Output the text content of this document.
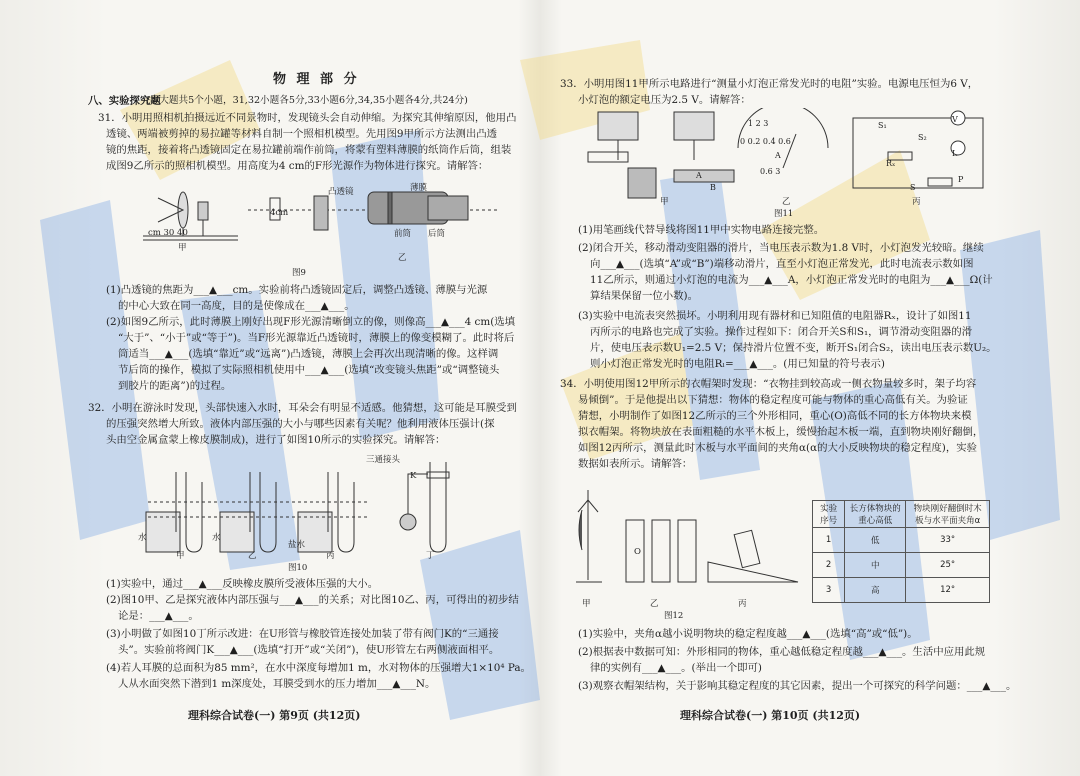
物 理 部 分
八、实验探究题
(本大题共5个小题，31,32小题各5分,33小题6分,34,35小题各4分,共24分)
31．小明用照相机拍摄远近不同景物时，发现镜头会自动伸缩。为探究其伸缩原因，他用凸
透镜、两端被剪掉的易拉罐等材料自制一个照相机模型。先用图9甲所示方法测出凸透
镜的焦距，接着将凸透镜固定在易拉罐前端作前筒，将蒙有塑料薄膜的纸筒作后筒，组装
成图9乙所示的照相机模型。用高度为4 cm的F形光源作为物体进行探究。请解答：
cm 30 40
甲
4cm
凸透镜	薄膜
前筒 后筒
乙
图9
(1)凸透镜的焦距为___▲___cm。实验前将凸透镜固定后，调整凸透镜、薄膜与光源
的中心大致在同一高度，目的是使像成在___▲___。
(2)如图9乙所示，此时薄膜上刚好出现F形光源清晰倒立的像，则像高___▲___4 cm(选填
“大于”、“小于”或“等于”)。当F形光源靠近凸透镜时，薄膜上的像变模糊了。此时将后
筒适当___▲___(选填“靠近”或“远离”)凸透镜，薄膜上会再次出现清晰的像。这样调
节后筒的操作，模拟了实际照相机使用中___▲___(选填“改变镜头焦距”或“调整镜头
到胶片的距离”)的过程。
32．小明在游泳时发现，头部快速入水时，耳朵会有明显不适感。他猜想，这可能是耳膜受到
的压强突然增大所致。液体内部压强的大小与哪些因素有关呢？他利用液体压强计(探
头由空金属盒蒙上橡皮膜制成)，进行了如图10所示的实验探究。请解答：
三通接头
K
水	水
盐水
甲	乙	丙	丁
图10
(1)实验中，通过___▲___反映橡皮膜所受液体压强的大小。
(2)图10甲、乙是探究液体内部压强与___▲___的关系；对比图10乙、丙，可得出的初步结
论是：___▲___。
(3)小明做了如图10丁所示改进：在U形管与橡胶管连接处加装了带有阀门K的“三通接
头”。实验前将阀门K___▲___(选填“打开”或“关闭”)，使U形管左右两侧液面相平。
(4)若人耳膜的总面积为85 mm²，在水中深度每增加1 m，水对物体的压强增大1×10⁴ Pa。
人从水面突然下潜到1 m深度处，耳膜受到水的压力增加___▲___N。
理科综合试卷(一) 第9页 (共12页)
33．小明用图11甲所示电路进行“测量小灯泡正常发光时的电阻”实验。电源电压恒为6 V，
小灯泡的额定电压为2.5 V。请解答：
1 2 3
0 0.2 0.4 0.6
A
0.6 3
S₁
S₂
Rₓ
V
L
S
P
A
B
甲	乙	丙
图11
(1)用笔画线代替导线将图11甲中实物电路连接完整。
(2)闭合开关，移动滑动变阻器的滑片，当电压表示数为1.8 V时，小灯泡发光较暗。继续
向___▲___(选填“A”或“B”)端移动滑片，直至小灯泡正常发光，此时电流表示数如图
11乙所示，则通过小灯泡的电流为___▲___A，小灯泡正常发光时的电阻为___▲___Ω(计
算结果保留一位小数)。
(3)实验中电流表突然损坏。小明利用现有器材和已知阻值的电阻器Rₓ，设计了如图11
丙所示的电路也完成了实验。操作过程如下：闭合开关S和S₁，调节滑动变阻器的滑
片，使电压表示数U₁=2.5 V；保持滑片位置不变，断开S₁闭合S₂，读出电压表示数U₂。
则小灯泡正常发光时的电阻Rₗ=___▲___。(用已知量的符号表示)
34．小明使用图12甲所示的衣帽架时发现：“衣物挂到较高或一侧衣物量较多时，架子均容
易倾倒”。于是他提出以下猜想：物体的稳定程度可能与物体的重心高低有关。为验证
猜想，小明制作了如图12乙所示的三个外形相同，重心(O)高低不同的长方体物块来模
拟衣帽架。将物块放在表面粗糙的水平木板上，缓慢抬起木板一端，直到物块刚好翻倒，
如图12丙所示，测量此时木板与水平面间的夹角α(α的大小反映物块的稳定程度)，实验
数据如表所示。请解答：
O
甲	乙	丙
图12
实验序号	长方体物块的重心高低	物块刚好翻倒时木板与水平面夹角α
1	低	33°
2	中	25°
3	高	12°
(1)实验中，夹角α越小说明物块的稳定程度越___▲___(选填“高”或“低”)。
(2)根据表中数据可知：外形相同的物体，重心越低稳定程度越___▲___。生活中应用此规
律的实例有___▲___。(举出一个即可)
(3)观察衣帽架结构，关于影响其稳定程度的其它因素，提出一个可探究的科学问题：___▲___。
理科综合试卷(一) 第10页 (共12页)
